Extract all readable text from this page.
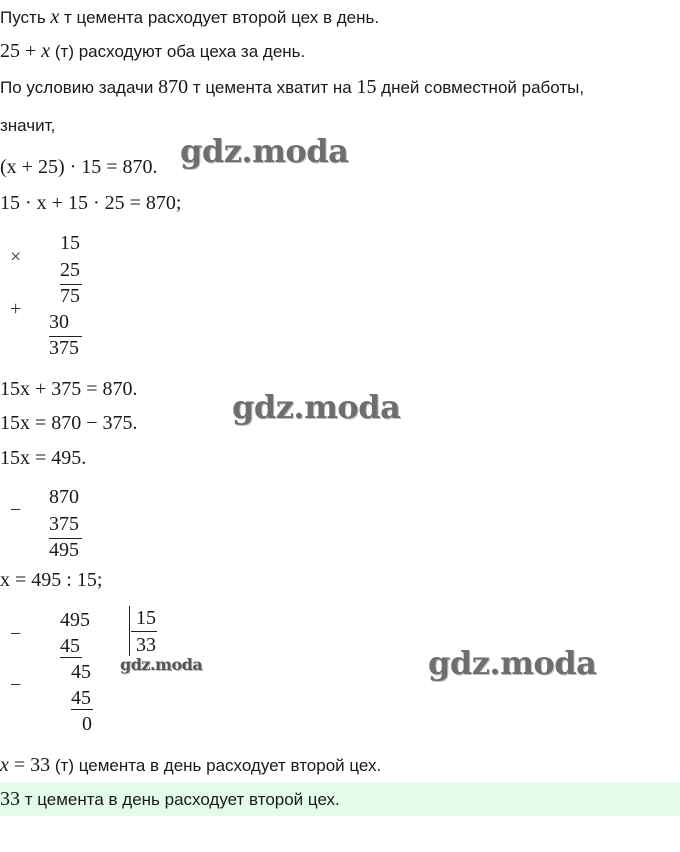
Пусть x т цемента расходует второй цех в день.
25 + x (т) расходуют оба цеха за день.
По условию задачи 870 т цемента хватит на 15 дней совместной работы,
значит,
(x + 25) · 15 = 870. gdz.moda
15 · x + 15 · 25 = 870;
×
15
25
75
+
30
375
15x + 375 = 870.
15x = 870 − 375.	gdz.moda
15x = 495.
−
870
375
495
x = 495 : 15;
−
495
45
45
−
45
0
15
33
gdz.moda	gdz.moda
x = 33 (т) цемента в день расходует второй цех.
33 т цемента в день расходует второй цех.
